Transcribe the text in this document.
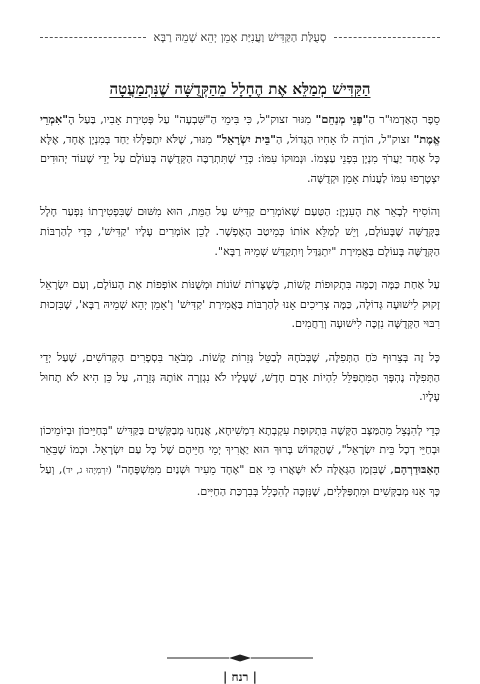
סְעֻלַּת הַקַּדִּישׁ וַעֲנִיַּת אָמֵן יְהֵא שְׁמֵהּ רַבָּא
הַקַּדִּישׁ מְמַלֵּא אֶת הֶחָלָל מֵהַקְּדֻשָּׁה שֶׁנִּתְמַעֲטָה

סֵפֶר הָאַדְמוּ"ר הַ"פְּנֵי מְנַחֵם" מִגּוּר זצוק"ל, כִּי בִּימֵי הַ"שִּׁבְעָה" עַל פְּטִירַת אָבִיו, בַּעַל הָ"אִמְרֵי אֱמֶת" זצוק"ל, הוֹרָה לוֹ אָחִיו הַגָּדוֹל, הַ"בֵּית יִשְׂרָאֵל" מִגּוּר, שֶׁלֹּא יִתְפַּלְּלוּ יַחַד בְּמִנְיָן אֶחָד, אֶלָּא כָּל אֶחָד יַעֲרֹךְ מִנְיָן בִּפְנֵי עַצְמוֹ. וּנְמוּקוֹ עִמּוֹ: כְּדֵי שֶׁתִּתְרַבֶּה הַקְּדֻשָּׁה בָּעוֹלָם עַל יְדֵי שֶׁעוֹד יְהוּדִים יִצְטָרְפוּ עִמּוֹ לַעֲנוֹת אָמֵן וּקְדֻשָּׁה.

וְהוֹסִיף לְבָאֵר אֶת הָעִנְיָן: הַטַּעַם שֶׁאוֹמְרִים קַדִּישׁ עַל הַמֵּת, הוּא מִשּׁוּם שֶׁבִּפְטִירָתוֹ נִפְעַר חָלָל בַּקְּדֻשָּׁה שֶׁבָּעוֹלָם, וְיֵשׁ לְמַלֵּא אוֹתוֹ כְּמֵיטַב הָאֶפְשָׁר. לָכֵן אוֹמְרִים עָלָיו 'קַדִּישׁ', כְּדֵי לְהַרְבּוֹת הַקְּדֻשָּׁה בָּעוֹלָם בַּאֲמִירַת "יִתְגַּדַּל וְיִתְקַדַּשׁ שְׁמֵיהּ רַבָּא".

עַל אַחַת כַּמָּה וְכַמָּה בִּתְקוּפוֹת קָשׁוֹת, כְּשֶׁצָּרוֹת שׁוֹנוֹת וּמְשֻׁנּוֹת אוֹפְפוֹת אֶת הָעוֹלָם, וְעַם יִשְׂרָאֵל זָקוּק לִישׁוּעָה גְּדוֹלָה, כַּמָּה צְרִיכִים אָנוּ לְהַרְבּוֹת בַּאֲמִירַת 'קַדִּישׁ' וְ'אָמֵן יְהֵא שְׁמֵיהּ רַבָּא', שֶׁבִּזְכוּת רִבּוּי הַקְּדֻשָּׁה נִזְכֶּה לִישׁוּעָה וְרַחֲמִים.

כָּל זֶה בְּצֵרוּף כֹּחַ הַתְּפִלָּה, שֶׁבְּכֹחָהּ לְבַטֵּל גְּזֵרוֹת קָשׁוֹת. מְבֹאָר בִּסְפָרִים הַקְּדוֹשִׁים, שֶׁעַל יְדֵי הַתְּפִלָּה נֶהְפָּךְ הַמִּתְפַּלֵּל לִהְיוֹת אָדָם חָדָשׁ, שֶׁעָלָיו לֹא נִגְזְרָה אוֹתָהּ גְּזֵרָה, עַל כֵּן הִיא לֹא תָחוּל עָלָיו.

כְּדֵי לְהִנָּצֵל מֵהַמַּצָּב הַקָּשֶׁה בִּתְקוּפַת עִקְבְתָא דִמְשִׁיחָא, אֲנַחְנוּ מְבַקְּשִׁים בַּקַּדִּישׁ "בְּחַיֵּיכוֹן וּבְיוֹמֵיכוֹן וּבְחַיֵּי דְכָל בֵּית יִשְׂרָאֵל", שֶׁהַקָּדוֹשׁ בָּרוּךְ הוּא יַאֲרִיךְ יְמֵי חַיֵּיהֶם שֶׁל כָּל עַם יִשְׂרָאֵל. וּכְמוֹ שֶׁבֵּאֵר הָאַבּוּדַרְהָם, שֶׁבִּזְמַן הַגְּאֻלָּה לֹא יִשָּׁאֲרוּ כִּי אִם "אֶחָד מֵעִיר וּשְׁנַיִם מִמִּשְׁפָּחָה" (יִרְמְיָהוּ ג, יד), וְעַל כָּךְ אָנוּ מְבַקְּשִׁים וּמִתְפַּלְּלִים, שֶׁנִּזְכֶּה לְהִכָּלֵל בְּבִרְכַּת הַחַיִּים.

| רנח |
